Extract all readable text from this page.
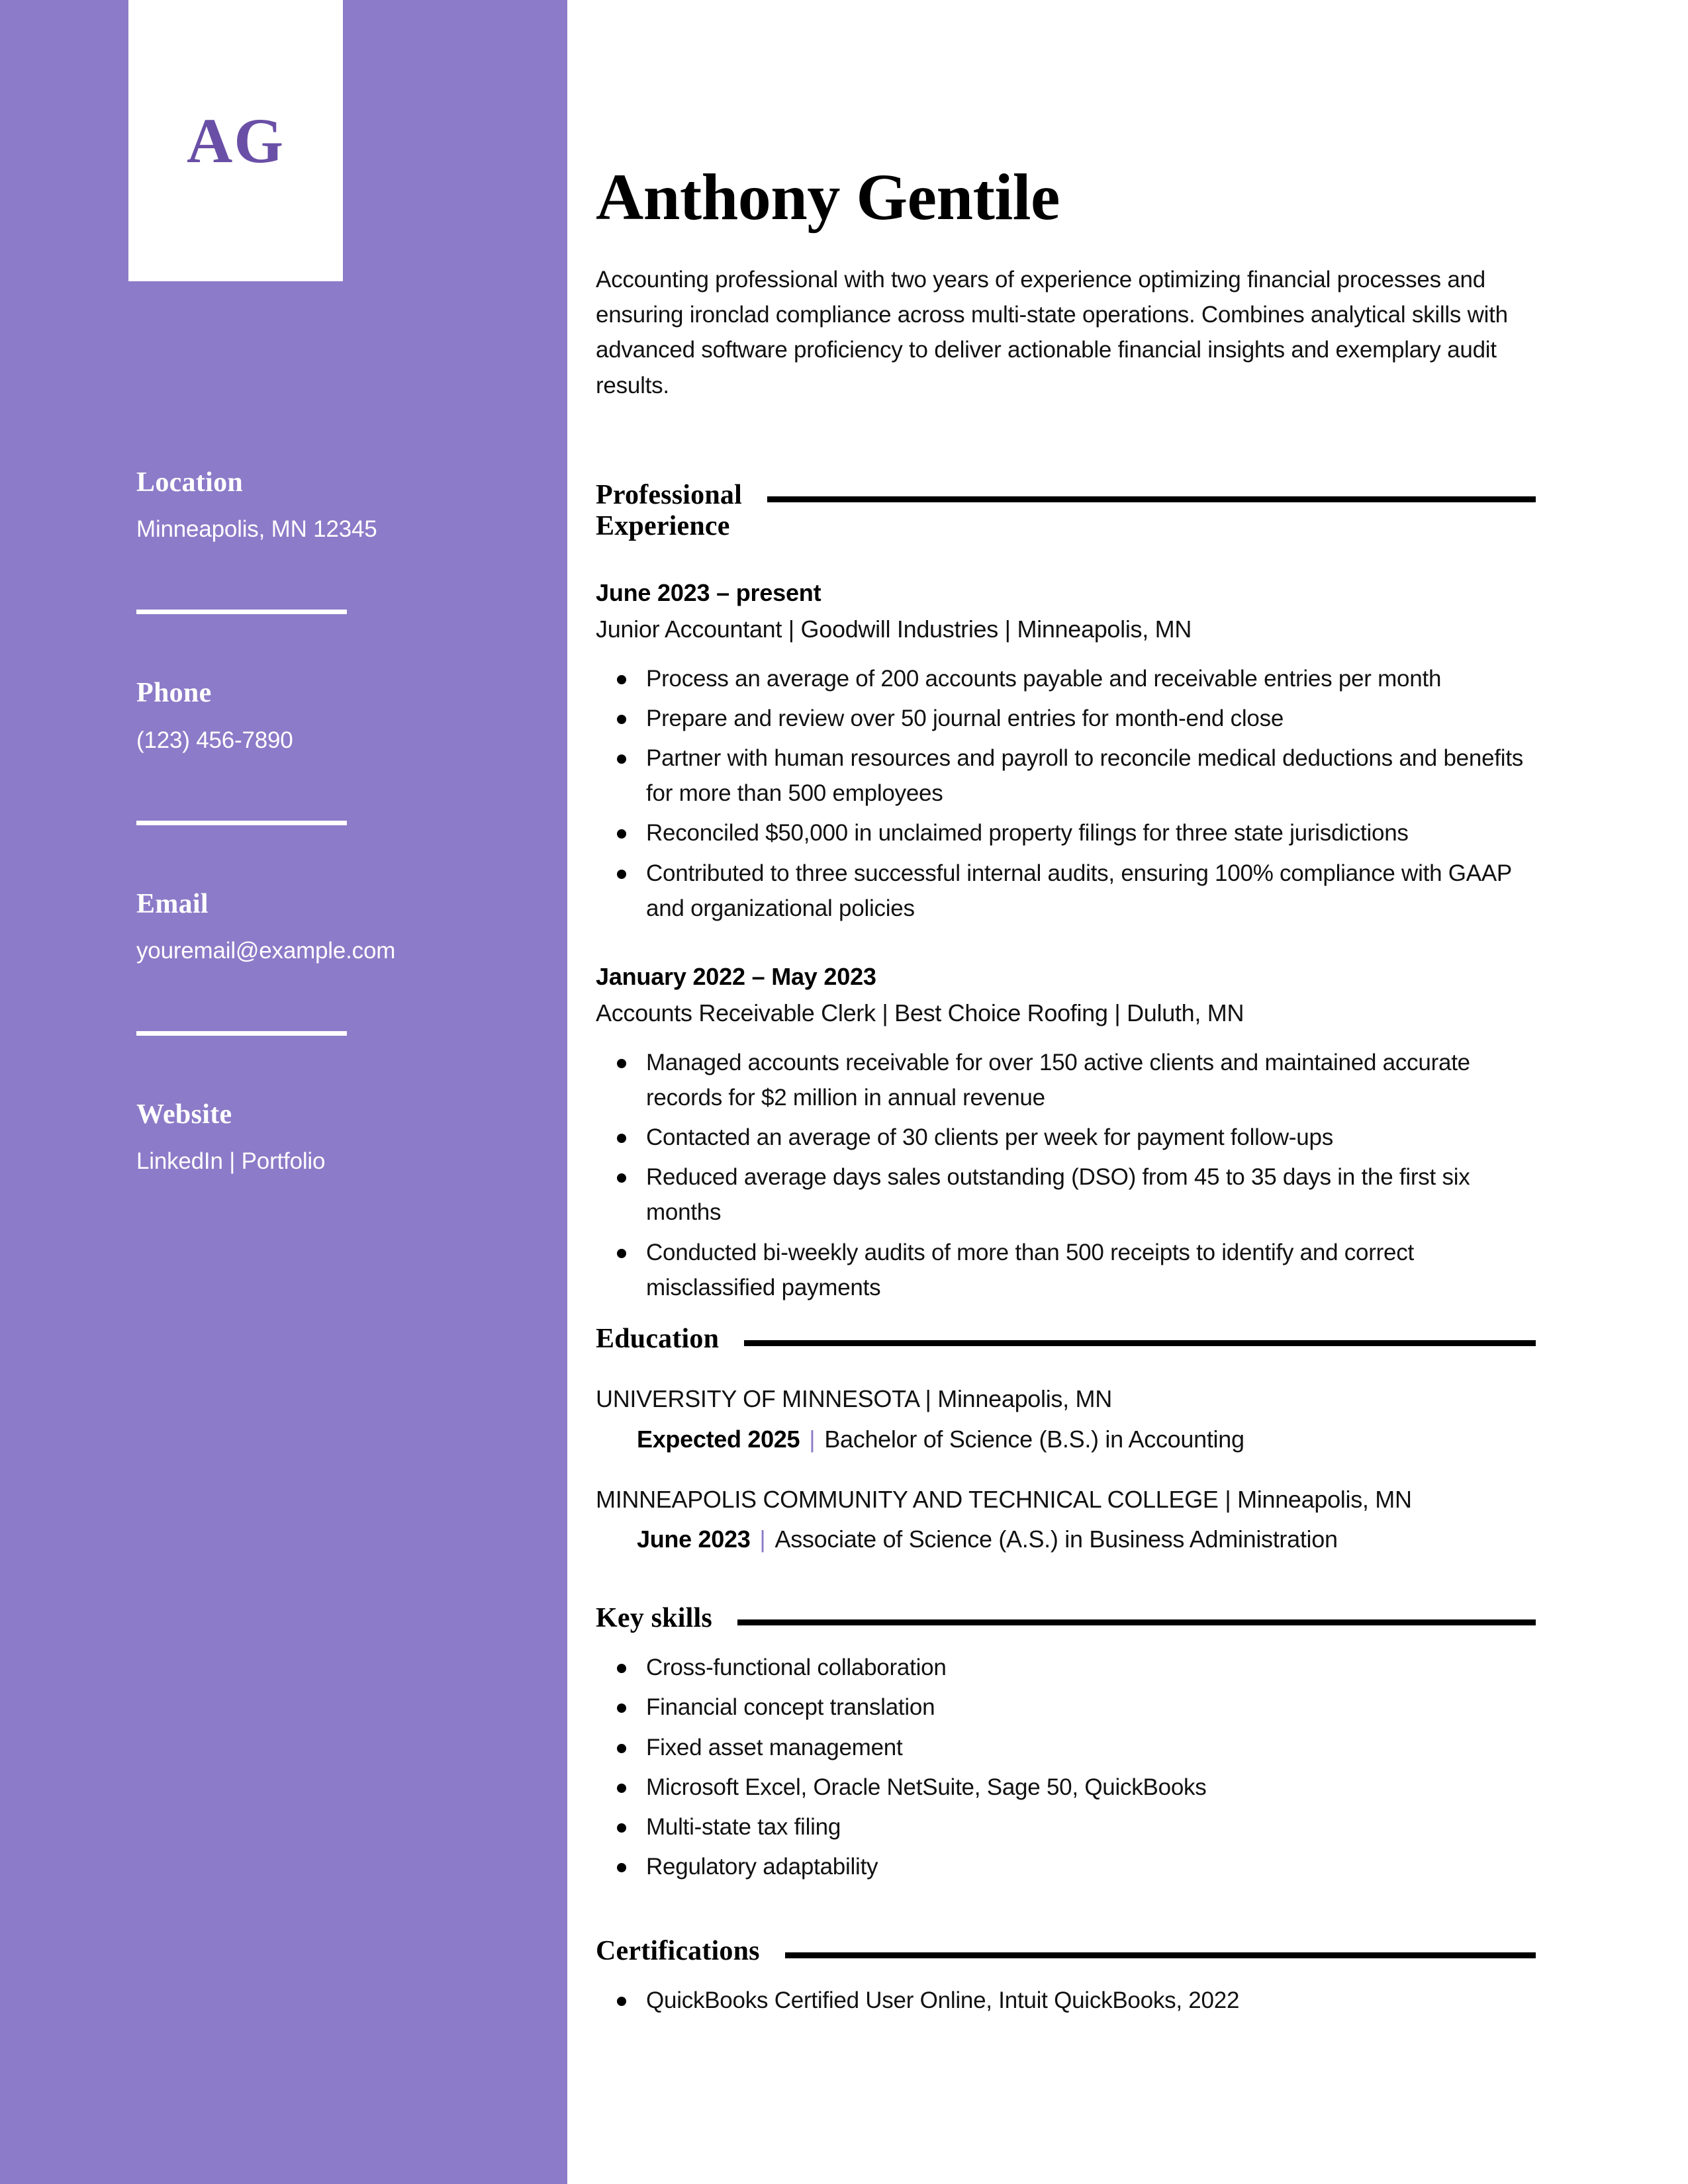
AG
Location
Minneapolis, MN 12345
Phone
(123) 456-7890
Email
youremail@example.com
Website
LinkedIn | Portfolio
Anthony Gentile

Accounting professional with two years of experience optimizing financial processes and ensuring ironclad compliance across multi-state operations. Combines analytical skills with advanced software proficiency to deliver actionable financial insights and exemplary audit results.

Professional
Experience
June 2023 – present
Junior Accountant | Goodwill Industries | Minneapolis, MN
Process an average of 200 accounts payable and receivable entries per month
Prepare and review over 50 journal entries for month-end close
Partner with human resources and payroll to reconcile medical deductions and benefits for more than 500 employees
Reconciled $50,000 in unclaimed property filings for three state jurisdictions
Contributed to three successful internal audits, ensuring 100% compliance with GAAP and organizational policies
January 2022 – May 2023
Accounts Receivable Clerk | Best Choice Roofing | Duluth, MN
Managed accounts receivable for over 150 active clients and maintained accurate records for $2 million in annual revenue
Contacted an average of 30 clients per week for payment follow-ups
Reduced average days sales outstanding (DSO) from 45 to 35 days in the first six months
Conducted bi-weekly audits of more than 500 receipts to identify and correct misclassified payments
Education
UNIVERSITY OF MINNESOTA | Minneapolis, MN
Expected 2025 | Bachelor of Science (B.S.) in Accounting
MINNEAPOLIS COMMUNITY AND TECHNICAL COLLEGE | Minneapolis, MN
June 2023 | Associate of Science (A.S.) in Business Administration
Key skills
Cross-functional collaboration
Financial concept translation
Fixed asset management
Microsoft Excel, Oracle NetSuite, Sage 50, QuickBooks
Multi-state tax filing
Regulatory adaptability
Certifications
QuickBooks Certified User Online, Intuit QuickBooks, 2022
